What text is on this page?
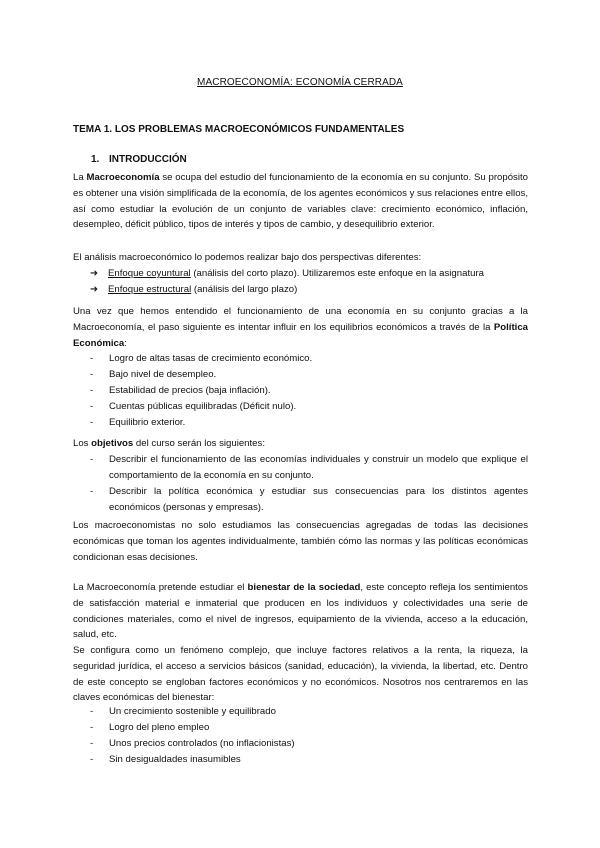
MACROECONOMÍA: ECONOMÍA CERRADA
TEMA 1. LOS PROBLEMAS MACROECONÓMICOS FUNDAMENTALES
1. INTRODUCCIÓN
La Macroeconomía se ocupa del estudio del funcionamiento de la economía en su conjunto. Su propósito es obtener una visión simplificada de la economía, de los agentes económicos y sus relaciones entre ellos, así como estudiar la evolución de un conjunto de variables clave: crecimiento económico, inflación, desempleo, déficit público, tipos de interés y tipos de cambio, y desequilibrio exterior.
El análisis macroeconómico lo podemos realizar bajo dos perspectivas diferentes:
➔ Enfoque coyuntural (análisis del corto plazo). Utilizaremos este enfoque en la asignatura
➔ Enfoque estructural (análisis del largo plazo)
Una vez que hemos entendido el funcionamiento de una economía en su conjunto gracias a la Macroeconomía, el paso siguiente es intentar influir en los equilibrios económicos a través de la Política Económica:
- Logro de altas tasas de crecimiento económico.
- Bajo nivel de desempleo.
- Estabilidad de precios (baja inflación).
- Cuentas públicas equilibradas (Déficit nulo).
- Equilibrio exterior.
Los objetivos del curso serán los siguientes:
- Describir el funcionamiento de las economías individuales y construir un modelo que explique el comportamiento de la economía en su conjunto.
- Describir la política económica y estudiar sus consecuencias para los distintos agentes económicos (personas y empresas).
Los macroeconomistas no solo estudiamos las consecuencias agregadas de todas las decisiones económicas que toman los agentes individualmente, también cómo las normas y las políticas económicas condicionan esas decisiones.
La Macroeconomía pretende estudiar el bienestar de la sociedad, este concepto refleja los sentimientos de satisfacción material e inmaterial que producen en los individuos y colectividades una serie de condiciones materiales, como el nivel de ingresos, equipamiento de la vivienda, acceso a la educación, salud, etc.
Se configura como un fenómeno complejo, que incluye factores relativos a la renta, la riqueza, la seguridad jurídica, el acceso a servicios básicos (sanidad, educación), la vivienda, la libertad, etc. Dentro de este concepto se engloban factores económicos y no económicos. Nosotros nos centraremos en las claves económicas del bienestar:
- Un crecimiento sostenible y equilibrado
- Logro del pleno empleo
- Unos precios controlados (no inflacionistas)
- Sin desigualdades inasumibles
